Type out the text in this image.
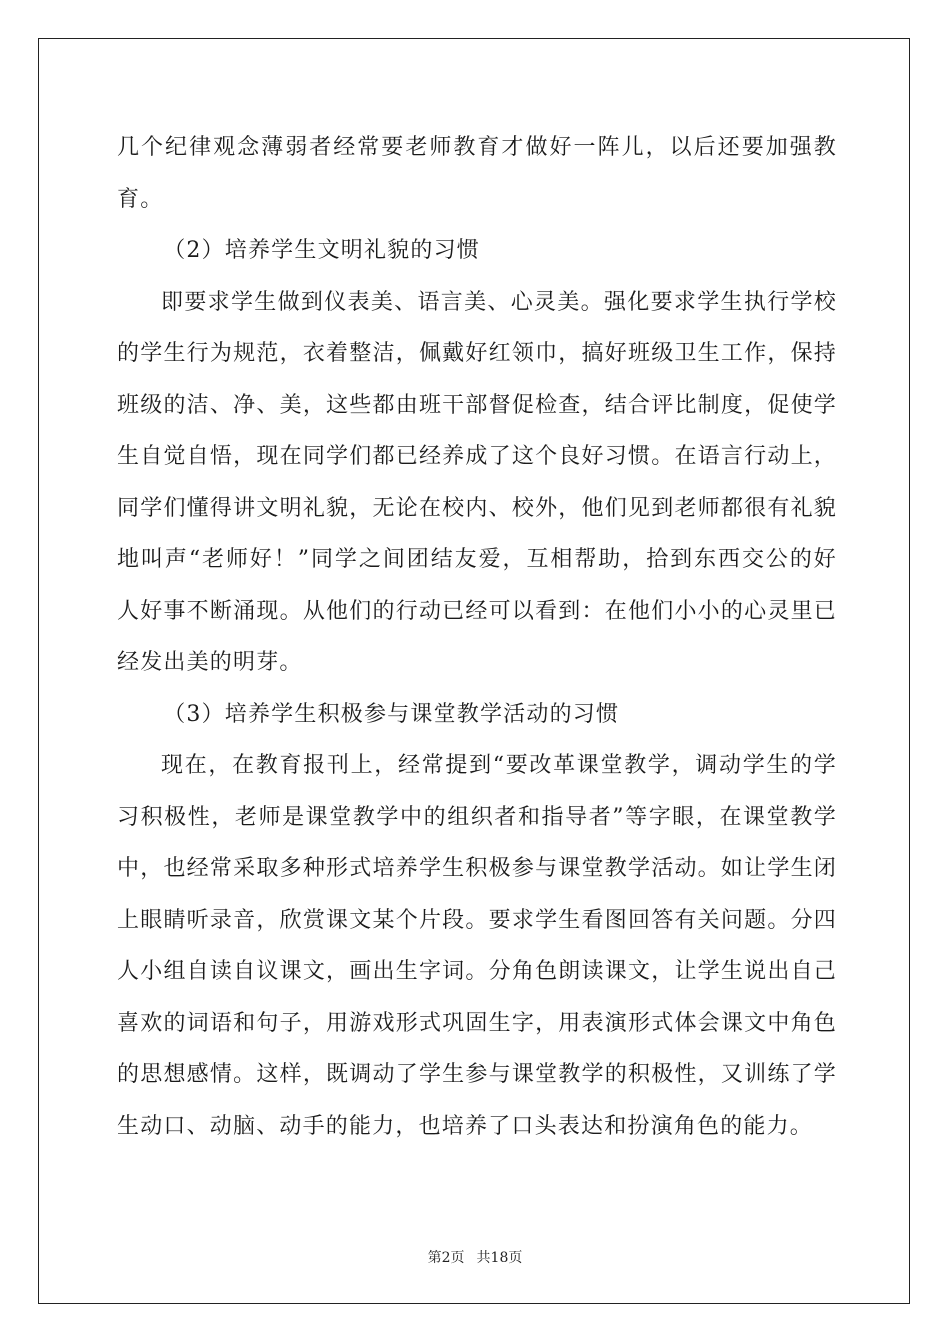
几个纪律观念薄弱者经常要老师教育才做好一阵儿，以后还要加强教育。

（2）培养学生文明礼貌的习惯

即要求学生做到仪表美、语言美、心灵美。强化要求学生执行学校的学生行为规范，衣着整洁，佩戴好红领巾，搞好班级卫生工作，保持班级的洁、净、美，这些都由班干部督促检查，结合评比制度，促使学生自觉自悟，现在同学们都已经养成了这个良好习惯。在语言行动上，同学们懂得讲文明礼貌，无论在校内、校外，他们见到老师都很有礼貌地叫声“老师好！”同学之间团结友爱，互相帮助，拾到东西交公的好人好事不断涌现。从他们的行动已经可以看到：在他们小小的心灵里已经发出美的明芽。

（3）培养学生积极参与课堂教学活动的习惯

现在，在教育报刊上，经常提到“要改革课堂教学，调动学生的学习积极性，老师是课堂教学中的组织者和指导者”等字眼，在课堂教学中，也经常采取多种形式培养学生积极参与课堂教学活动。如让学生闭上眼睛听录音，欣赏课文某个片段。要求学生看图回答有关问题。分四人小组自读自议课文，画出生字词。分角色朗读课文，让学生说出自己喜欢的词语和句子，用游戏形式巩固生字，用表演形式体会课文中角色的思想感情。这样，既调动了学生参与课堂教学的积极性，又训练了学生动口、动脑、动手的能力，也培养了口头表达和扮演角色的能力。

第2页 共18页
